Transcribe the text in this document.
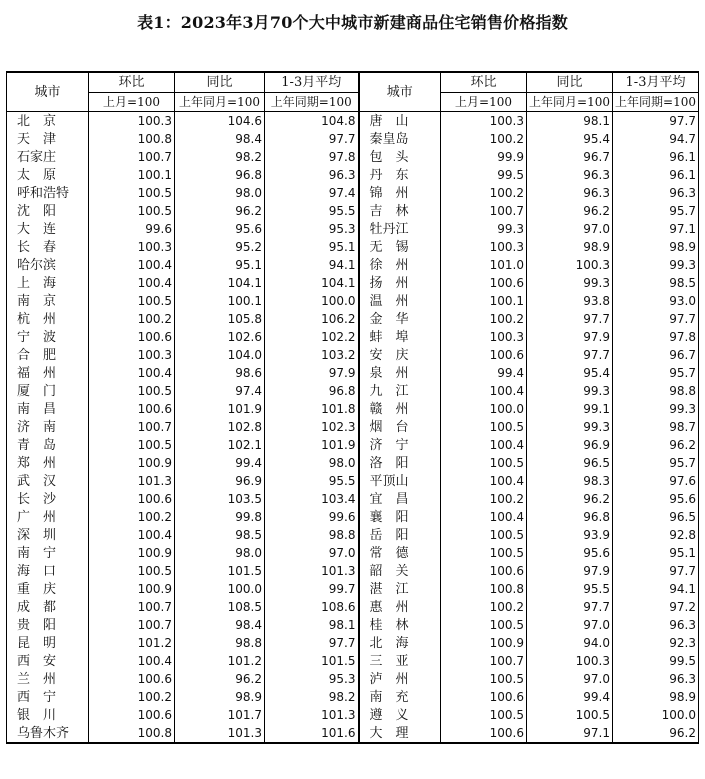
表1：2023年3月70个大中城市新建商品住宅销售价格指数
城市	环比	同比	1-3月平均	城市	环比	同比	1-3月平均
	上月=100	上年同月=100	上年同期=100		上月=100	上年同月=100	上年同期=100
北　京	100.3	104.6	104.8	唐　山	100.3	98.1	97.7
天　津	100.8	98.4	97.7	秦皇岛	100.2	95.4	94.7
石家庄	100.7	98.2	97.8	包　头	99.9	96.7	96.1
太　原	100.1	96.8	96.3	丹　东	99.5	96.3	96.1
呼和浩特	100.5	98.0	97.4	锦　州	100.2	96.3	96.3
沈　阳	100.5	96.2	95.5	吉　林	100.7	96.2	95.7
大　连	99.6	95.6	95.3	牡丹江	99.3	97.0	97.1
长　春	100.3	95.2	95.1	无　锡	100.3	98.9	98.9
哈尔滨	100.4	95.1	94.1	徐　州	101.0	100.3	99.3
上　海	100.4	104.1	104.1	扬　州	100.6	99.3	98.5
南　京	100.5	100.1	100.0	温　州	100.1	93.8	93.0
杭　州	100.2	105.8	106.2	金　华	100.2	97.7	97.7
宁　波	100.6	102.6	102.2	蚌　埠	100.3	97.9	97.8
合　肥	100.3	104.0	103.2	安　庆	100.6	97.7	96.7
福　州	100.4	98.6	97.9	泉　州	99.4	95.4	95.7
厦　门	100.5	97.4	96.8	九　江	100.4	99.3	98.8
南　昌	100.6	101.9	101.8	赣　州	100.0	99.1	99.3
济　南	100.7	102.8	102.3	烟　台	100.5	99.3	98.7
青　岛	100.5	102.1	101.9	济　宁	100.4	96.9	96.2
郑　州	100.9	99.4	98.0	洛　阳	100.5	96.5	95.7
武　汉	101.3	96.9	95.5	平顶山	100.4	98.3	97.6
长　沙	100.6	103.5	103.4	宜　昌	100.2	96.2	95.6
广　州	100.2	99.8	99.6	襄　阳	100.4	96.8	96.5
深　圳	100.4	98.5	98.8	岳　阳	100.5	93.9	92.8
南　宁	100.9	98.0	97.0	常　德	100.5	95.6	95.1
海　口	100.5	101.5	101.3	韶　关	100.6	97.9	97.7
重　庆	100.9	100.0	99.7	湛　江	100.8	95.5	94.1
成　都	100.7	108.5	108.6	惠　州	100.2	97.7	97.2
贵　阳	100.7	98.4	98.1	桂　林	100.5	97.0	96.3
昆　明	101.2	98.8	97.7	北　海	100.9	94.0	92.3
西　安	100.4	101.2	101.5	三　亚	100.7	100.3	99.5
兰　州	100.6	96.2	95.3	泸　州	100.5	97.0	96.3
西　宁	100.2	98.9	98.2	南　充	100.6	99.4	98.9
银　川	100.6	101.7	101.3	遵　义	100.5	100.5	100.0
乌鲁木齐	100.8	101.3	101.6	大　理	100.6	97.1	96.2
